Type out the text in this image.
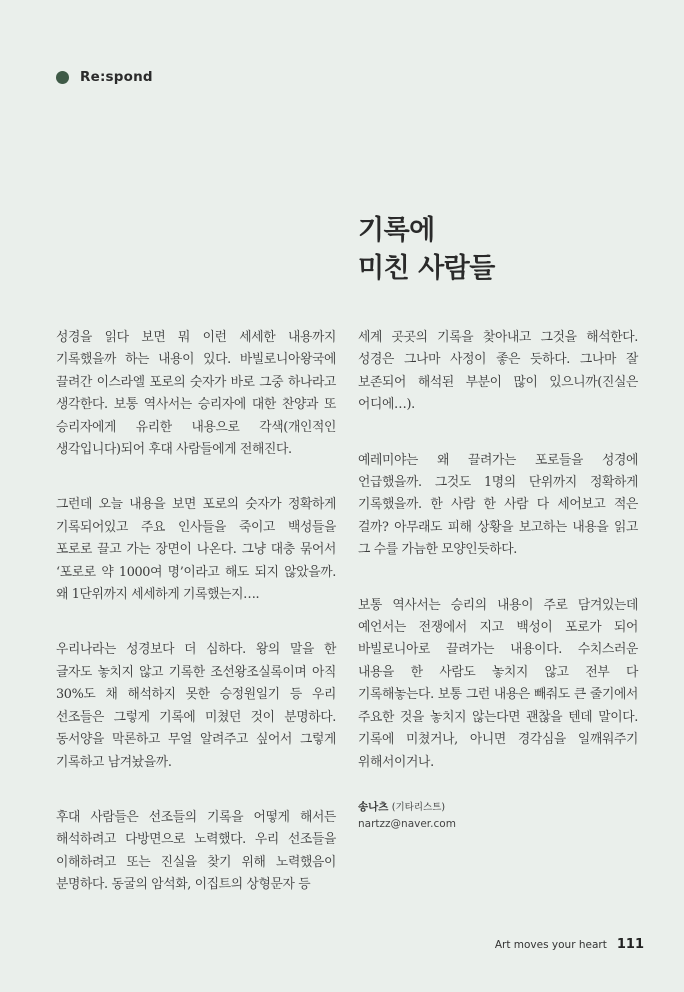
Re:spond
기록에
미친 사람들

성경을 읽다 보면 뭐 이런 세세한 내용까지 기록했을까 하는 내용이 있다. 바빌로니아왕국에 끌려간 이스라엘 포로의 숫자가 바로 그중 하나라고 생각한다. 보통 역사서는 승리자에 대한 찬양과 또 승리자에게 유리한 내용으로 각색(개인적인 생각입니다)되어 후대 사람들에게 전해진다.

그런데 오늘 내용을 보면 포로의 숫자가 정확하게 기록되어있고 주요 인사들을 죽이고 백성들을 포로로 끌고 가는 장면이 나온다. 그냥 대충 묶어서 ‘포로로 약 1000여 명’이라고 해도 되지 않았을까. 왜 1단위까지 세세하게 기록했는지….

우리나라는 성경보다 더 심하다. 왕의 말을 한 글자도 놓치지 않고 기록한 조선왕조실록이며 아직 30%도 채 해석하지 못한 승정원일기 등 우리 선조들은 그렇게 기록에 미쳤던 것이 분명하다. 동서양을 막론하고 무얼 알려주고 싶어서 그렇게 기록하고 남겨놨을까.

후대 사람들은 선조들의 기록을 어떻게 해서든 해석하려고 다방면으로 노력했다. 우리 선조들을 이해하려고 또는 진실을 찾기 위해 노력했음이 분명하다. 동굴의 암석화, 이집트의 상형문자 등

세계 곳곳의 기록을 찾아내고 그것을 해석한다. 성경은 그나마 사정이 좋은 듯하다. 그나마 잘 보존되어 해석된 부분이 많이 있으니까(진실은 어디에…).

예레미야는 왜 끌려가는 포로들을 성경에 언급했을까. 그것도 1명의 단위까지 정확하게 기록했을까. 한 사람 한 사람 다 세어보고 적은 걸까? 아무래도 피해 상황을 보고하는 내용을 읽고 그 수를 가늠한 모양인듯하다.

보통 역사서는 승리의 내용이 주로 담겨있는데 예언서는 전쟁에서 지고 백성이 포로가 되어 바빌로니아로 끌려가는 내용이다. 수치스러운 내용을 한 사람도 놓치지 않고 전부 다 기록해놓는다. 보통 그런 내용은 빼줘도 큰 줄기에서 주요한 것을 놓치지 않는다면 괜찮을 텐데 말이다. 기록에 미쳤거나, 아니면 경각심을 일깨워주기 위해서이거나.

송나츠 (기타리스트)
nartzz@naver.com
Art moves your heart 111
